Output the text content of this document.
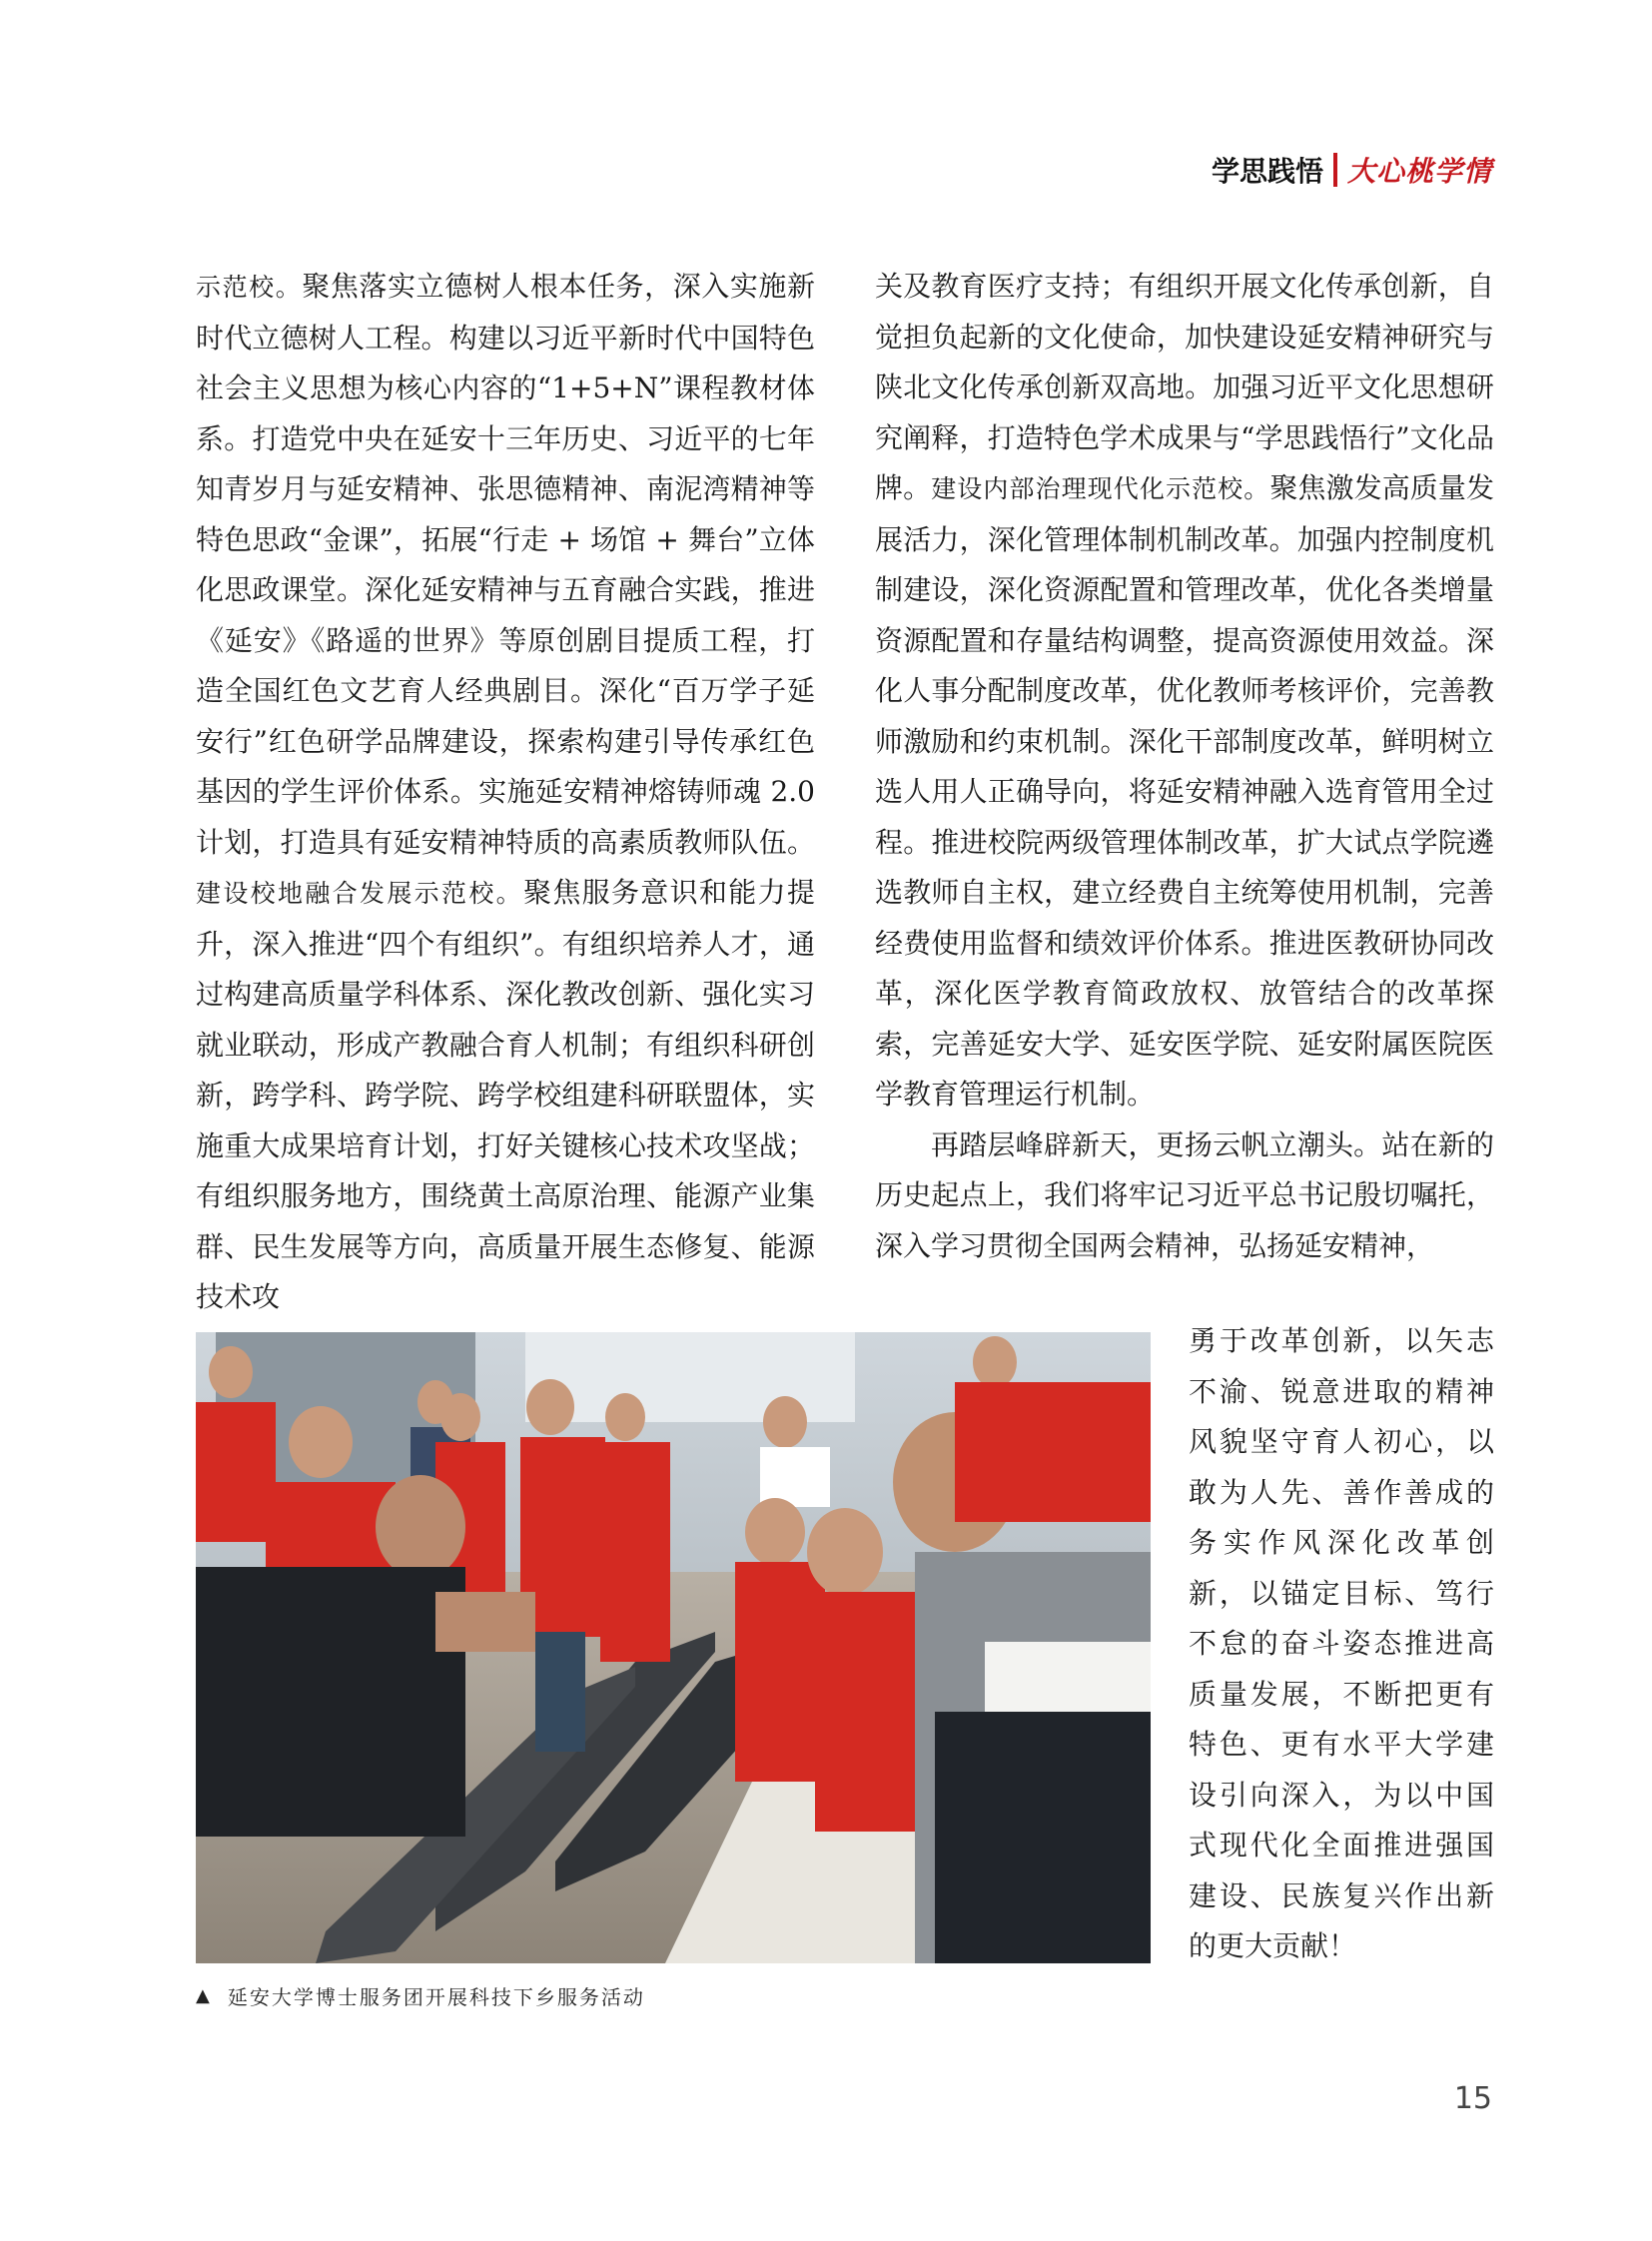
学思践悟 大心桃学情

示范校。聚焦落实立德树人根本任务，深入实施新时代立德树人工程。构建以习近平新时代中国特色社会主义思想为核心内容的“1+5+N”课程教材体系。打造党中央在延安十三年历史、习近平的七年知青岁月与延安精神、张思德精神、南泥湾精神等特色思政“金课”，拓展“行走 + 场馆 + 舞台”立体化思政课堂。深化延安精神与五育融合实践，推进《延安》《路遥的世界》等原创剧目提质工程，打造全国红色文艺育人经典剧目。深化“百万学子延安行”红色研学品牌建设，探索构建引导传承红色基因的学生评价体系。实施延安精神熔铸师魂 2.0 计划，打造具有延安精神特质的高素质教师队伍。建设校地融合发展示范校。聚焦服务意识和能力提升，深入推进“四个有组织”。有组织培养人才，通过构建高质量学科体系、深化教改创新、强化实习就业联动，形成产教融合育人机制；有组织科研创新，跨学科、跨学院、跨学校组建科研联盟体，实施重大成果培育计划，打好关键核心技术攻坚战；有组织服务地方，围绕黄土高原治理、能源产业集群、民生发展等方向，高质量开展生态修复、能源技术攻

关及教育医疗支持；有组织开展文化传承创新，自觉担负起新的文化使命，加快建设延安精神研究与陕北文化传承创新双高地。加强习近平文化思想研究阐释，打造特色学术成果与“学思践悟行”文化品牌。建设内部治理现代化示范校。聚焦激发高质量发展活力，深化管理体制机制改革。加强内控制度机制建设，深化资源配置和管理改革，优化各类增量资源配置和存量结构调整，提高资源使用效益。深化人事分配制度改革，优化教师考核评价，完善教师激励和约束机制。深化干部制度改革，鲜明树立选人用人正确导向，将延安精神融入选育管用全过程。推进校院两级管理体制改革，扩大试点学院遴选教师自主权，建立经费自主统筹使用机制，完善经费使用监督和绩效评价体系。推进医教研协同改革，深化医学教育简政放权、放管结合的改革探索，完善延安大学、延安医学院、延安附属医院医学教育管理运行机制。

再踏层峰辟新天，更扬云帆立潮头。站在新的历史起点上，我们将牢记习近平总书记殷切嘱托，深入学习贯彻全国两会精神，弘扬延安精神，

勇于改革创新，以矢志不渝、锐意进取的精神风貌坚守育人初心，以敢为人先、善作善成的务实作风深化改革创新，以锚定目标、笃行不怠的奋斗姿态推进高质量发展，不断把更有特色、更有水平大学建设引向深入，为以中国式现代化全面推进强国建设、民族复兴作出新的更大贡献！

▲ 延安大学博士服务团开展科技下乡服务活动
15
